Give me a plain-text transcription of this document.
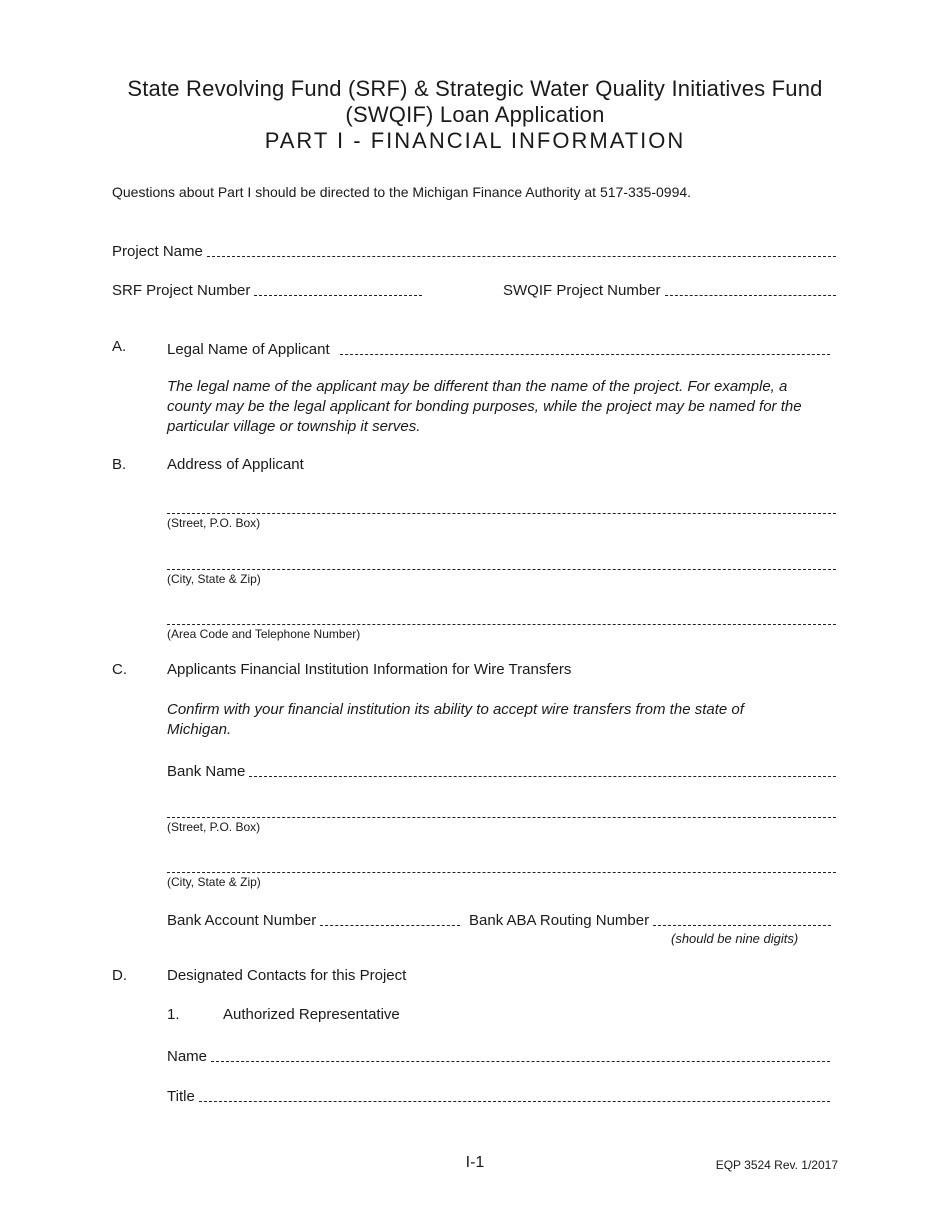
State Revolving Fund (SRF) & Strategic Water Quality Initiatives Fund
(SWQIF) Loan Application
PART I - FINANCIAL INFORMATION
Questions about Part I should be directed to the Michigan Finance Authority at 517-335-0994.
Project Name
SRF Project Number	SWQIF Project Number
A.	Legal Name of Applicant
The legal name of the applicant may be different than the name of the project. For example, a
county may be the legal applicant for bonding purposes, while the project may be named for the
particular village or township it serves.
B.	Address of Applicant
(Street, P.O. Box)
(City, State & Zip)
(Area Code and Telephone Number)
C.	Applicants Financial Institution Information for Wire Transfers
Confirm with your financial institution its ability to accept wire transfers from the state of
Michigan.
Bank Name
(Street, P.O. Box)
(City, State & Zip)
Bank Account Number	Bank ABA Routing Number
(should be nine digits)
D.	Designated Contacts for this Project
1.	Authorized Representative
Name
Title
I-1	EQP 3524 Rev. 1/2017
